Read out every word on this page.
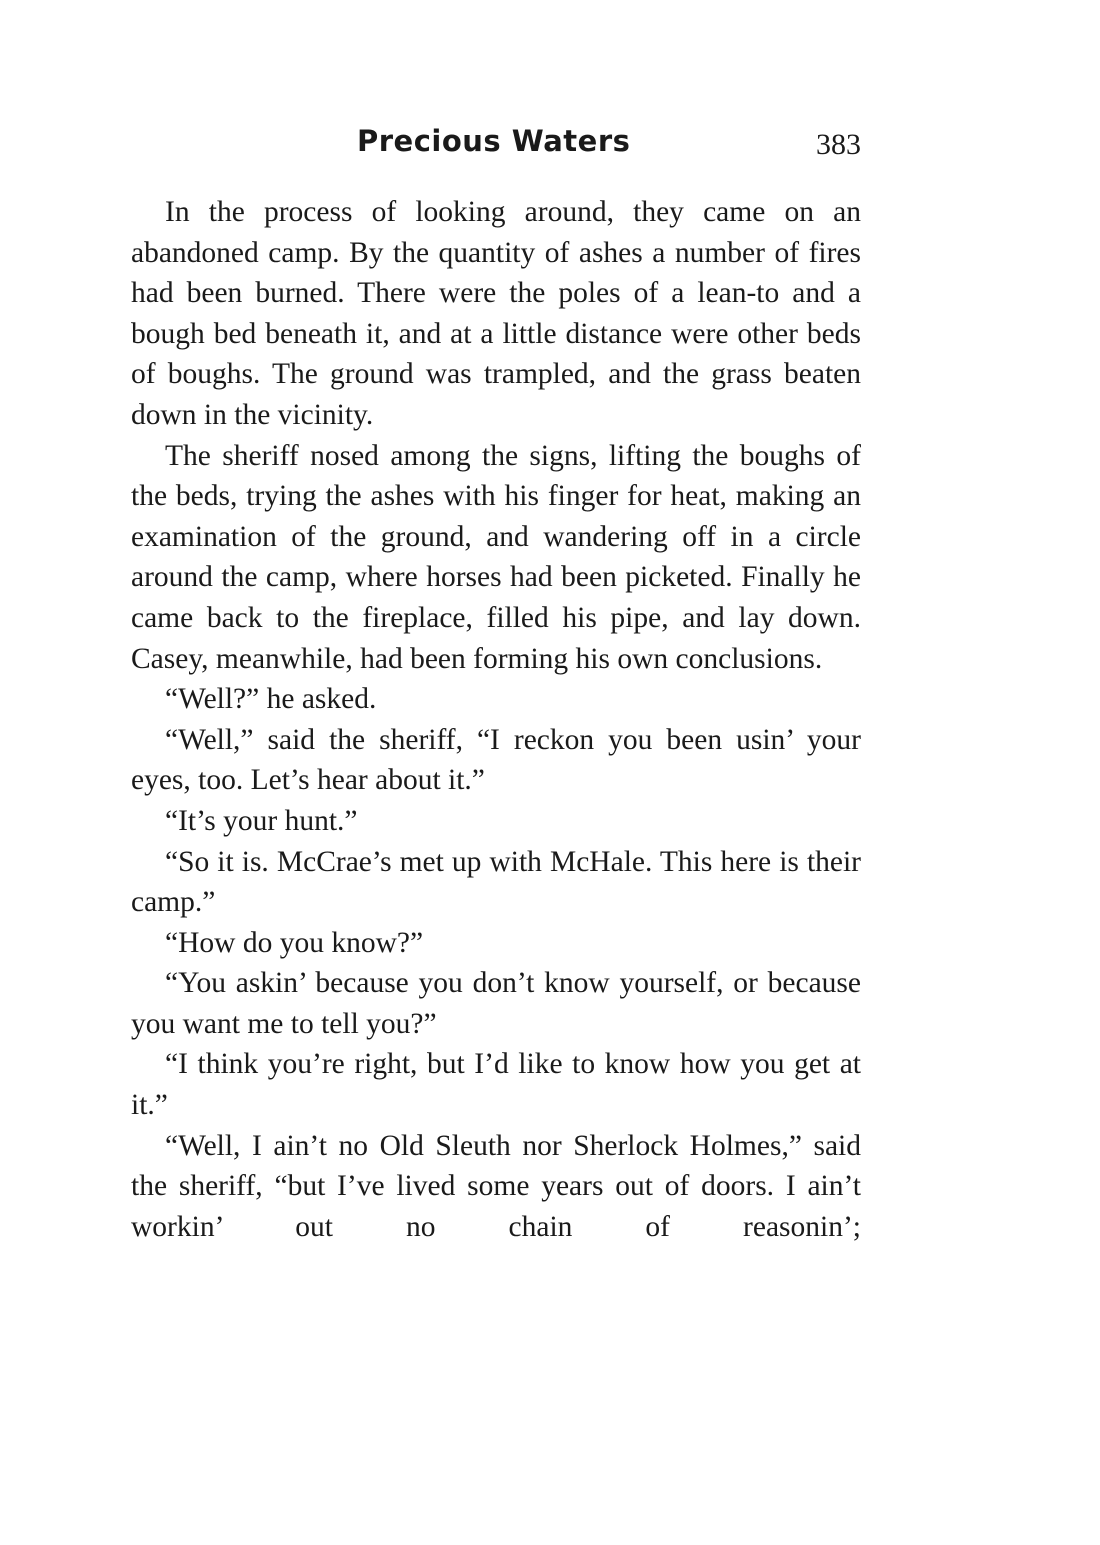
Precious Waters	383

In the process of looking around, they came on an abandoned camp. By the quantity of ashes a number of fires had been burned. There were the poles of a lean-to and a bough bed beneath it, and at a little distance were other beds of boughs. The ground was trampled, and the grass beaten down in the vicinity.

The sheriff nosed among the signs, lifting the boughs of the beds, trying the ashes with his finger for heat, making an examination of the ground, and wandering off in a circle around the camp, where horses had been picketed. Finally he came back to the fireplace, filled his pipe, and lay down. Casey, meanwhile, had been forming his own conclusions.

“Well?” he asked.

“Well,” said the sheriff, “I reckon you been usin’ your eyes, too. Let’s hear about it.”

“It’s your hunt.”

“So it is. McCrae’s met up with McHale. This here is their camp.”

“How do you know?”

“You askin’ because you don’t know yourself, or because you want me to tell you?”

“I think you’re right, but I’d like to know how you get at it.”

“Well, I ain’t no Old Sleuth nor Sherlock Holmes,” said the sheriff, “but I’ve lived some years out of doors. I ain’t workin’ out no chain of reasonin’;
